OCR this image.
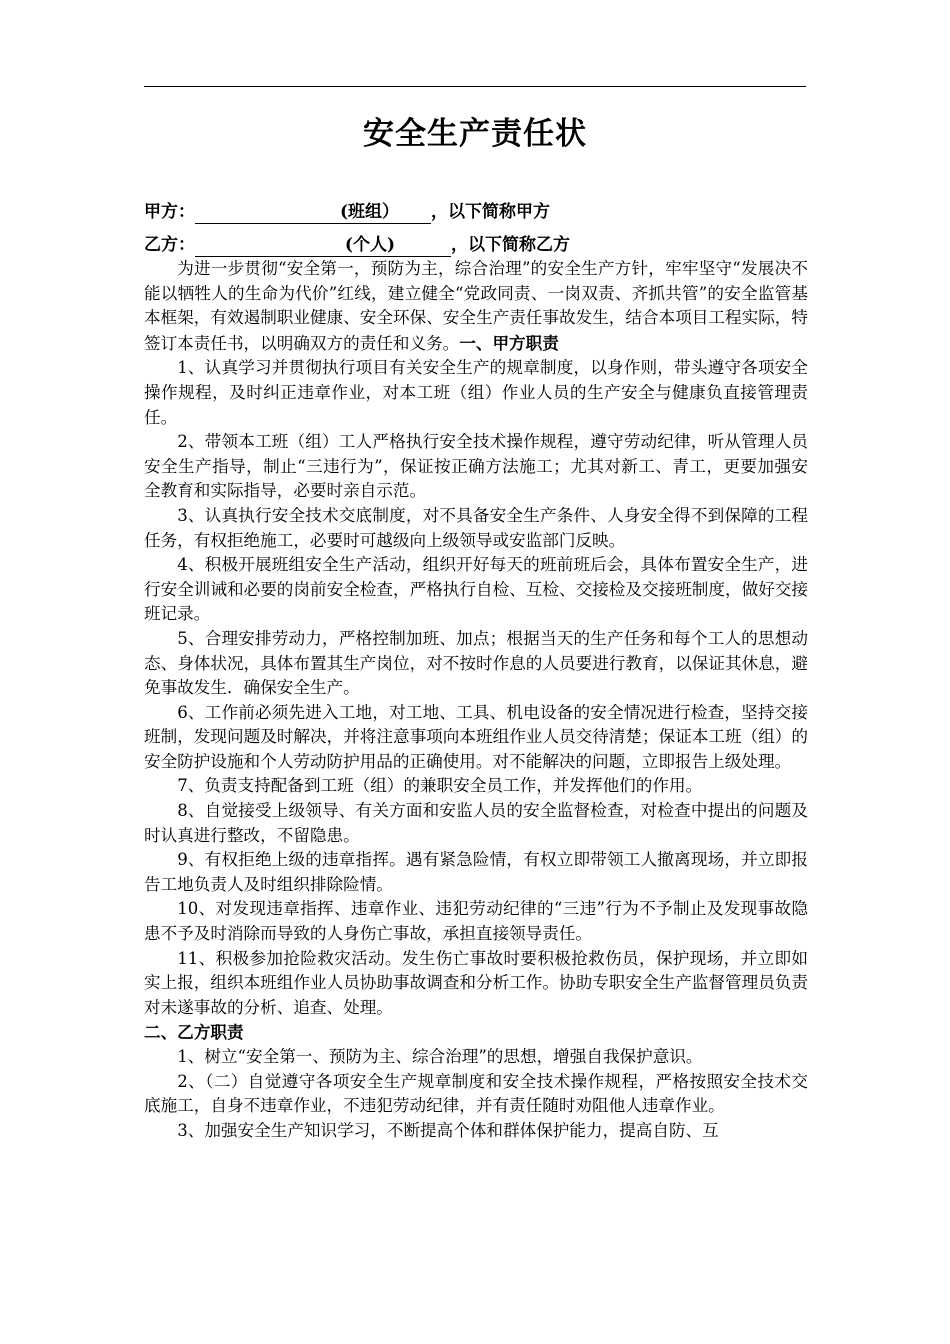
安全生产责任状
甲方：	(班组） ，以下简称甲方
乙方：	(个人)	，以下简称乙方

为进一步贯彻“安全第一，预防为主，综合治理”的安全生产方针，牢牢坚守“发展决不能以牺牲人的生命为代价”红线，建立健全“党政同责、一岗双责、齐抓共管”的安全监管基本框架，有效遏制职业健康、安全环保、安全生产责任事故发生，结合本项目工程实际，特签订本责任书，以明确双方的责任和义务。一、甲方职责

1、认真学习并贯彻执行项目有关安全生产的规章制度，以身作则，带头遵守各项安全操作规程，及时纠正违章作业，对本工班（组）作业人员的生产安全与健康负直接管理责任。

2、带领本工班（组）工人严格执行安全技术操作规程，遵守劳动纪律，听从管理人员安全生产指导，制止“三违行为”，保证按正确方法施工；尤其对新工、青工，更要加强安全教育和实际指导，必要时亲自示范。

3、认真执行安全技术交底制度，对不具备安全生产条件、人身安全得不到保障的工程任务，有权拒绝施工，必要时可越级向上级领导或安监部门反映。

4、积极开展班组安全生产活动，组织开好每天的班前班后会，具体布置安全生产，进行安全训诫和必要的岗前安全检查，严格执行自检、互检、交接检及交接班制度，做好交接班记录。

5、合理安排劳动力，严格控制加班、加点；根据当天的生产任务和每个工人的思想动态、身体状况，具体布置其生产岗位，对不按时作息的人员要进行教育，以保证其休息，避免事故发生．确保安全生产。

6、工作前必须先进入工地，对工地、工具、机电设备的安全情况进行检查，坚持交接班制，发现问题及时解决，并将注意事项向本班组作业人员交待清楚；保证本工班（组）的安全防护设施和个人劳动防护用品的正确使用。对不能解决的问题，立即报告上级处理。

7、负责支持配备到工班（组）的兼职安全员工作，并发挥他们的作用。

8、自觉接受上级领导、有关方面和安监人员的安全监督检查，对检查中提出的问题及时认真进行整改，不留隐患。

9、有权拒绝上级的违章指挥。遇有紧急险情，有权立即带领工人撤离现场，并立即报告工地负责人及时组织排除险情。

10、对发现违章指挥、违章作业、违犯劳动纪律的“三违”行为不予制止及发现事故隐患不予及时消除而导致的人身伤亡事故，承担直接领导责任。

11、积极参加抢险救灾活动。发生伤亡事故时要积极抢救伤员，保护现场，并立即如实上报，组织本班组作业人员协助事故调查和分析工作。协助专职安全生产监督管理员负责对未遂事故的分析、追查、处理。

二、乙方职责

1、树立“安全第一、预防为主、综合治理”的思想，增强自我保护意识。

2、（二）自觉遵守各项安全生产规章制度和安全技术操作规程，严格按照安全技术交底施工，自身不违章作业，不违犯劳动纪律，并有责任随时劝阻他人违章作业。

3、加强安全生产知识学习，不断提高个体和群体保护能力，提高自防、互
